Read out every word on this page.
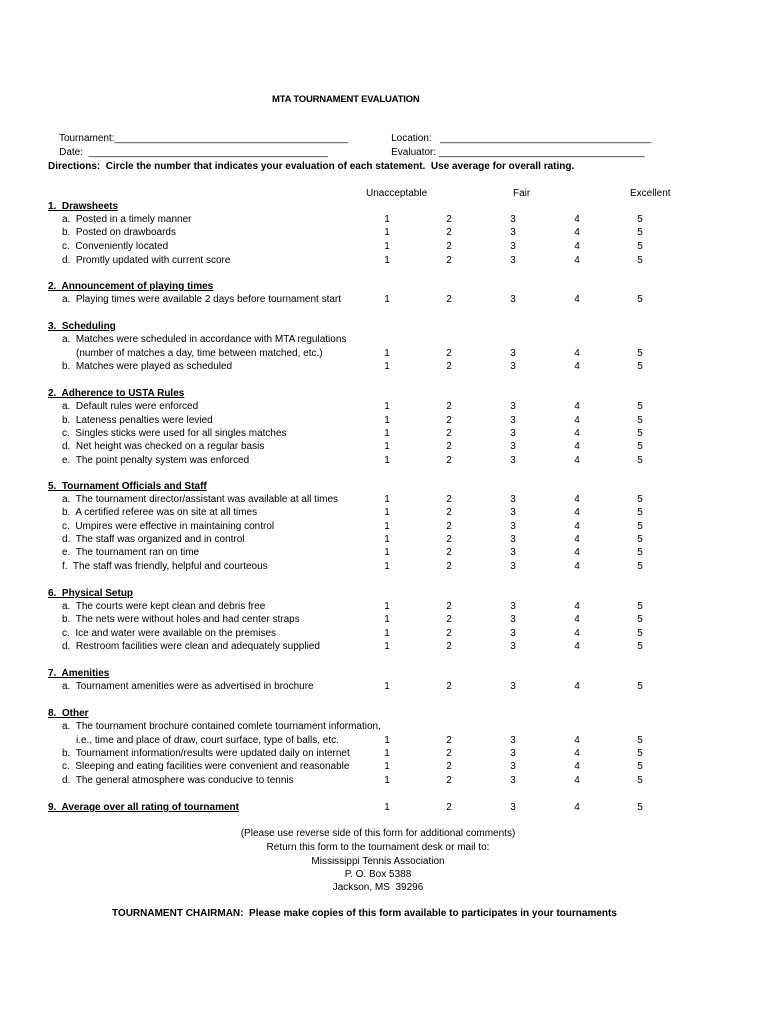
MTA TOURNAMENT EVALUATION

Tournament:__________________________________________

Date:  ___________________________________________

Location:   ______________________________________

Evaluator: _____________________________________

Directions:  Circle the number that indicates your evaluation of each statement.  Use average for overall rating.
Unacceptable	Fair	Excellent
1.  Drawsheets
a.  Posted in a timely manner	1	2	3	4	5
b.  Posted on drawboards	1	2	3	4	5
c.  Conveniently located	1	2	3	4	5
d.  Promtly updated with current score	1	2	3	4	5
2.  Announcement of playing times
a.  Playing times were available 2 days before tournament start	1	2	3	4	5
3.  Scheduling
a.  Matches were scheduled in accordance with MTA regulations
(number of matches a day, time between matched, etc.)	1	2	3	4	5
b.  Matches were played as scheduled	1	2	3	4	5
2.  Adherence to USTA Rules
a.  Default rules were enforced	1	2	3	4	5
b.  Lateness penalties were levied	1	2	3	4	5
c.  Singles sticks were used for all singles matches	1	2	3	4	5
d.  Net height was checked on a regular basis	1	2	3	4	5
e.  The point penalty system was enforced	1	2	3	4	5
5.  Tournament Officials and Staff
a.  The tournament director/assistant was available at all times	1	2	3	4	5
b.  A certified referee was on site at all times	1	2	3	4	5
c.  Umpires were effective in maintaining control	1	2	3	4	5
d.  The staff was organized and in control	1	2	3	4	5
e.  The tournament ran on time	1	2	3	4	5
f.  The staff was friendly, helpful and courteous	1	2	3	4	5
6.  Physical Setup
a.  The courts were kept clean and debris free	1	2	3	4	5
b.  The nets were without holes and had center straps	1	2	3	4	5
c.  Ice and water were available on the premises	1	2	3	4	5
d.  Restroom facilities were clean and adequately supplied	1	2	3	4	5
7.  Amenities
a.  Tournament amenities were as advertised in brochure	1	2	3	4	5
8.  Other
a.  The tournament brochure contained comlete tournament information,
i.e., time and place of draw, court surface, type of balls, etc.	1	2	3	4	5
b.  Tournament information/results were updated daily on internet	1	2	3	4	5
c.  Sleeping and eating facilities were convenient and reasonable	1	2	3	4	5
d.  The general atmosphere was conducive to tennis	1	2	3	4	5
9.  Average over all rating of tournament	1	2	3	4	5
(Please use reverse side of this form for additional comments)
Return this form to the tournament desk or mail to:
Mississippi Tennis Association
P. O. Box 5388
Jackson, MS  39296
TOURNAMENT CHAIRMAN:  Please make copies of this form available to participates in your tournaments
